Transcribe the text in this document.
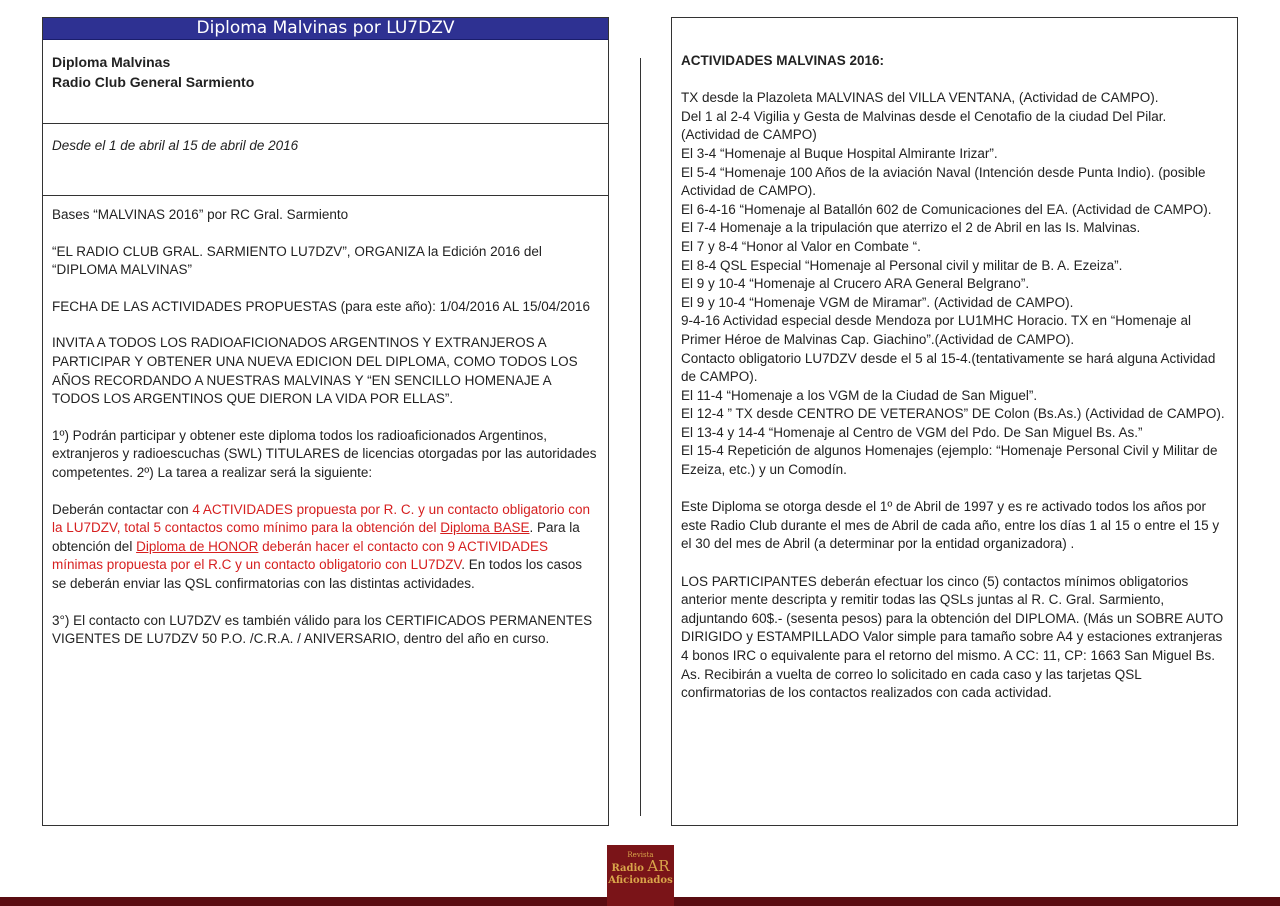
Diploma Malvinas por LU7DZV
Diploma Malvinas
Radio Club General Sarmiento
Desde el 1 de abril al 15 de abril de 2016

Bases “MALVINAS 2016” por RC Gral. Sarmiento

“EL RADIO CLUB GRAL. SARMIENTO LU7DZV”, ORGANIZA la Edición 2016 del “DIPLOMA MALVINAS”

FECHA DE LAS ACTIVIDADES PROPUESTAS (para este año): 1/04/2016 AL 15/04/2016

INVITA A TODOS LOS RADIOAFICIONADOS ARGENTINOS Y EXTRANJEROS A PARTICIPAR Y OBTENER UNA NUEVA EDICION DEL DIPLOMA, COMO TODOS LOS AÑOS RECORDANDO A NUESTRAS MALVINAS Y “EN SENCILLO HOMENAJE A TODOS LOS ARGENTINOS QUE DIERON LA VIDA POR ELLAS”.

1º) Podrán participar y obtener este diploma todos los radioaficionados Argentinos, extranjeros y radioescuchas (SWL) TITULARES de licencias otorgadas por las autoridades competentes. 2º) La tarea a realizar será la siguiente:

Deberán contactar con 4 ACTIVIDADES propuesta por R. C. y un contacto obligatorio con la LU7DZV, total 5 contactos como mínimo para la obtención del Diploma BASE. Para la obtención del Diploma de HONOR deberán hacer el contacto con 9 ACTIVIDADES mínimas propuesta por el R.C y un contacto obligatorio con LU7DZV. En todos los casos se deberán enviar las QSL confirmatorias con las distintas actividades.

3°) El contacto con LU7DZV es también válido para los CERTIFICADOS PERMANENTES VIGENTES DE LU7DZV 50 P.O. /C.R.A. / ANIVERSARIO, dentro del año en curso.

ACTIVIDADES MALVINAS 2016:
TX desde la Plazoleta MALVINAS del VILLA VENTANA, (Actividad de CAMPO).
Del 1 al 2-4 Vigilia y Gesta de Malvinas desde el Cenotafio de la ciudad Del Pilar. (Actividad de CAMPO)
El 3-4 “Homenaje al Buque Hospital Almirante Irizar”.
El 5-4 “Homenaje 100 Años de la aviación Naval (Intención desde Punta Indio). (posible Actividad de CAMPO).
El 6-4-16 “Homenaje al Batallón 602 de Comunicaciones del EA. (Actividad de CAMPO).
El 7-4 Homenaje a la tripulación que aterrizo el 2 de Abril en las Is. Malvinas.
El 7 y 8-4 “Honor al Valor en Combate “.
El 8-4 QSL Especial “Homenaje al Personal civil y militar de B. A. Ezeiza”.
El 9 y 10-4 “Homenaje al Crucero ARA General Belgrano”.
El 9 y 10-4 “Homenaje VGM de Miramar”. (Actividad de CAMPO).
9-4-16 Actividad especial desde Mendoza por LU1MHC Horacio. TX en “Homenaje al Primer Héroe de Malvinas Cap. Giachino”.(Actividad de CAMPO).
Contacto obligatorio LU7DZV desde el 5 al 15-4.(tentativamente se hará alguna Actividad de CAMPO).
El 11-4 “Homenaje a los VGM de la Ciudad de San Miguel”.
El 12-4 ” TX desde CENTRO DE VETERANOS” DE Colon (Bs.As.) (Actividad de CAMPO).
El 13-4 y 14-4 “Homenaje al Centro de VGM del Pdo. De San Miguel Bs. As.”
El 15-4 Repetición de algunos Homenajes (ejemplo: “Homenaje Personal Civil y Militar de Ezeiza, etc.) y un Comodín.

Este Diploma se otorga desde el 1º de Abril de 1997 y es re activado todos los años por este Radio Club durante el mes de Abril de cada año, entre los días 1 al 15 o entre el 15 y el 30 del mes de Abril (a determinar por la entidad organizadora) .

LOS PARTICIPANTES deberán efectuar los cinco (5) contactos mínimos obligatorios anterior mente descripta y remitir todas las QSLs juntas al R. C. Gral. Sarmiento, adjuntando 60$.- (sesenta pesos) para la obtención del DIPLOMA. (Más un SOBRE AUTO DIRIGIDO y ESTAMPILLADO Valor simple para tamaño sobre A4 y estaciones extranjeras 4 bonos IRC o equivalente para el retorno del mismo. A CC: 11, CP: 1663 San Miguel Bs. As. Recibirán a vuelta de correo lo solicitado en cada caso y las tarjetas QSL confirmatorias de los contactos realizados con cada actividad.

Revista
Radio AR
Aficionados
